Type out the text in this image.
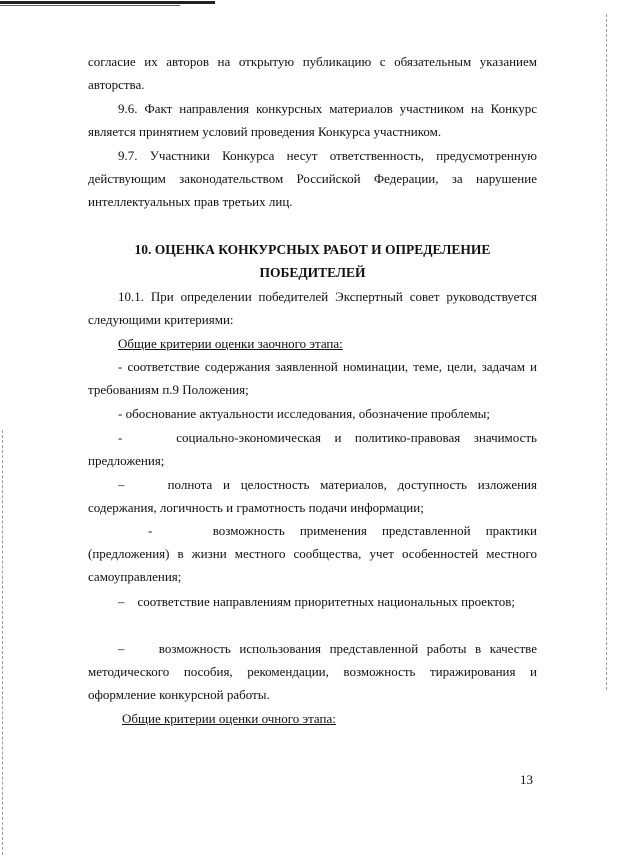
согласие их авторов на открытую публикацию с обязательным указанием авторства.
9.6. Факт направления конкурсных материалов участником на Конкурс является принятием условий проведения Конкурса участником.
9.7. Участники Конкурса несут ответственность, предусмотренную действующим законодательством Российской Федерации, за нарушение интеллектуальных прав третьих лиц.
10. ОЦЕНКА КОНКУРСНЫХ РАБОТ И ОПРЕДЕЛЕНИЕ
ПОБЕДИТЕЛЕЙ
10.1. При определении победителей Экспертный совет руководствуется следующими критериями:
Общие критерии оценки заочного этапа:
- соответствие содержания заявленной номинации, теме, цели, задачам и требованиям п.9 Положения;
- обоснование актуальности исследования, обозначение проблемы;
-    социально-экономическая и политико-правовая значимость предложения;
–    полнота и целостность материалов, доступность изложения содержания, логичность и грамотность подачи информации;
-    возможность применения представленной практики (предложения) в жизни местного сообщества, учет особенностей местного самоуправления;
–    соответствие направлениям приоритетных национальных проектов;
–    возможность использования представленной работы в качестве методического пособия, рекомендации, возможность тиражирования и оформление конкурсной работы.
Общие критерии оценки очного этапа:
13
